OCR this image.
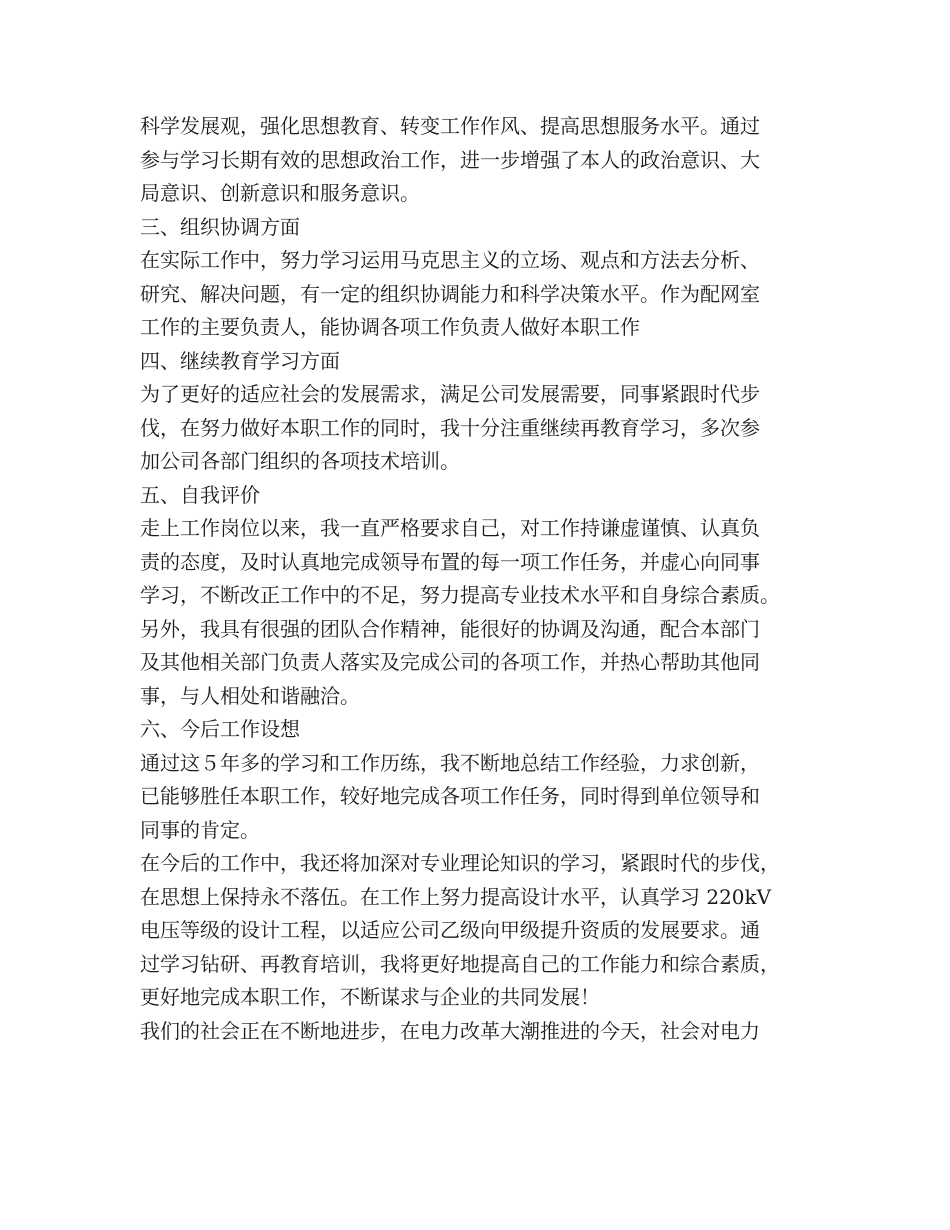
科学发展观，强化思想教育、转变工作作风、提高思想服务水平。通过
参与学习长期有效的思想政治工作，进一步增强了本人的政治意识、大
局意识、创新意识和服务意识。
三、组织协调方面
在实际工作中，努力学习运用马克思主义的立场、观点和方法去分析、
研究、解决问题，有一定的组织协调能力和科学决策水平。作为配网室
工作的主要负责人，能协调各项工作负责人做好本职工作
四、继续教育学习方面
为了更好的适应社会的发展需求，满足公司发展需要，同事紧跟时代步
伐，在努力做好本职工作的同时，我十分注重继续再教育学习，多次参
加公司各部门组织的各项技术培训。
五、自我评价
走上工作岗位以来，我一直严格要求自己，对工作持谦虚谨慎、认真负
责的态度，及时认真地完成领导布置的每一项工作任务，并虚心向同事
学习，不断改正工作中的不足，努力提高专业技术水平和自身综合素质。
另外，我具有很强的团队合作精神，能很好的协调及沟通，配合本部门
及其他相关部门负责人落实及完成公司的各项工作，并热心帮助其他同
事，与人相处和谐融洽。
六、今后工作设想
通过这５年多的学习和工作历练，我不断地总结工作经验，力求创新，
已能够胜任本职工作，较好地完成各项工作任务，同时得到单位领导和
同事的肯定。
在今后的工作中，我还将加深对专业理论知识的学习，紧跟时代的步伐，
在思想上保持永不落伍。在工作上努力提高设计水平，认真学习 220kV
电压等级的设计工程，以适应公司乙级向甲级提升资质的发展要求。通
过学习钻研、再教育培训，我将更好地提高自己的工作能力和综合素质，
更好地完成本职工作，不断谋求与企业的共同发展！
我们的社会正在不断地进步，在电力改革大潮推进的今天，社会对电力
